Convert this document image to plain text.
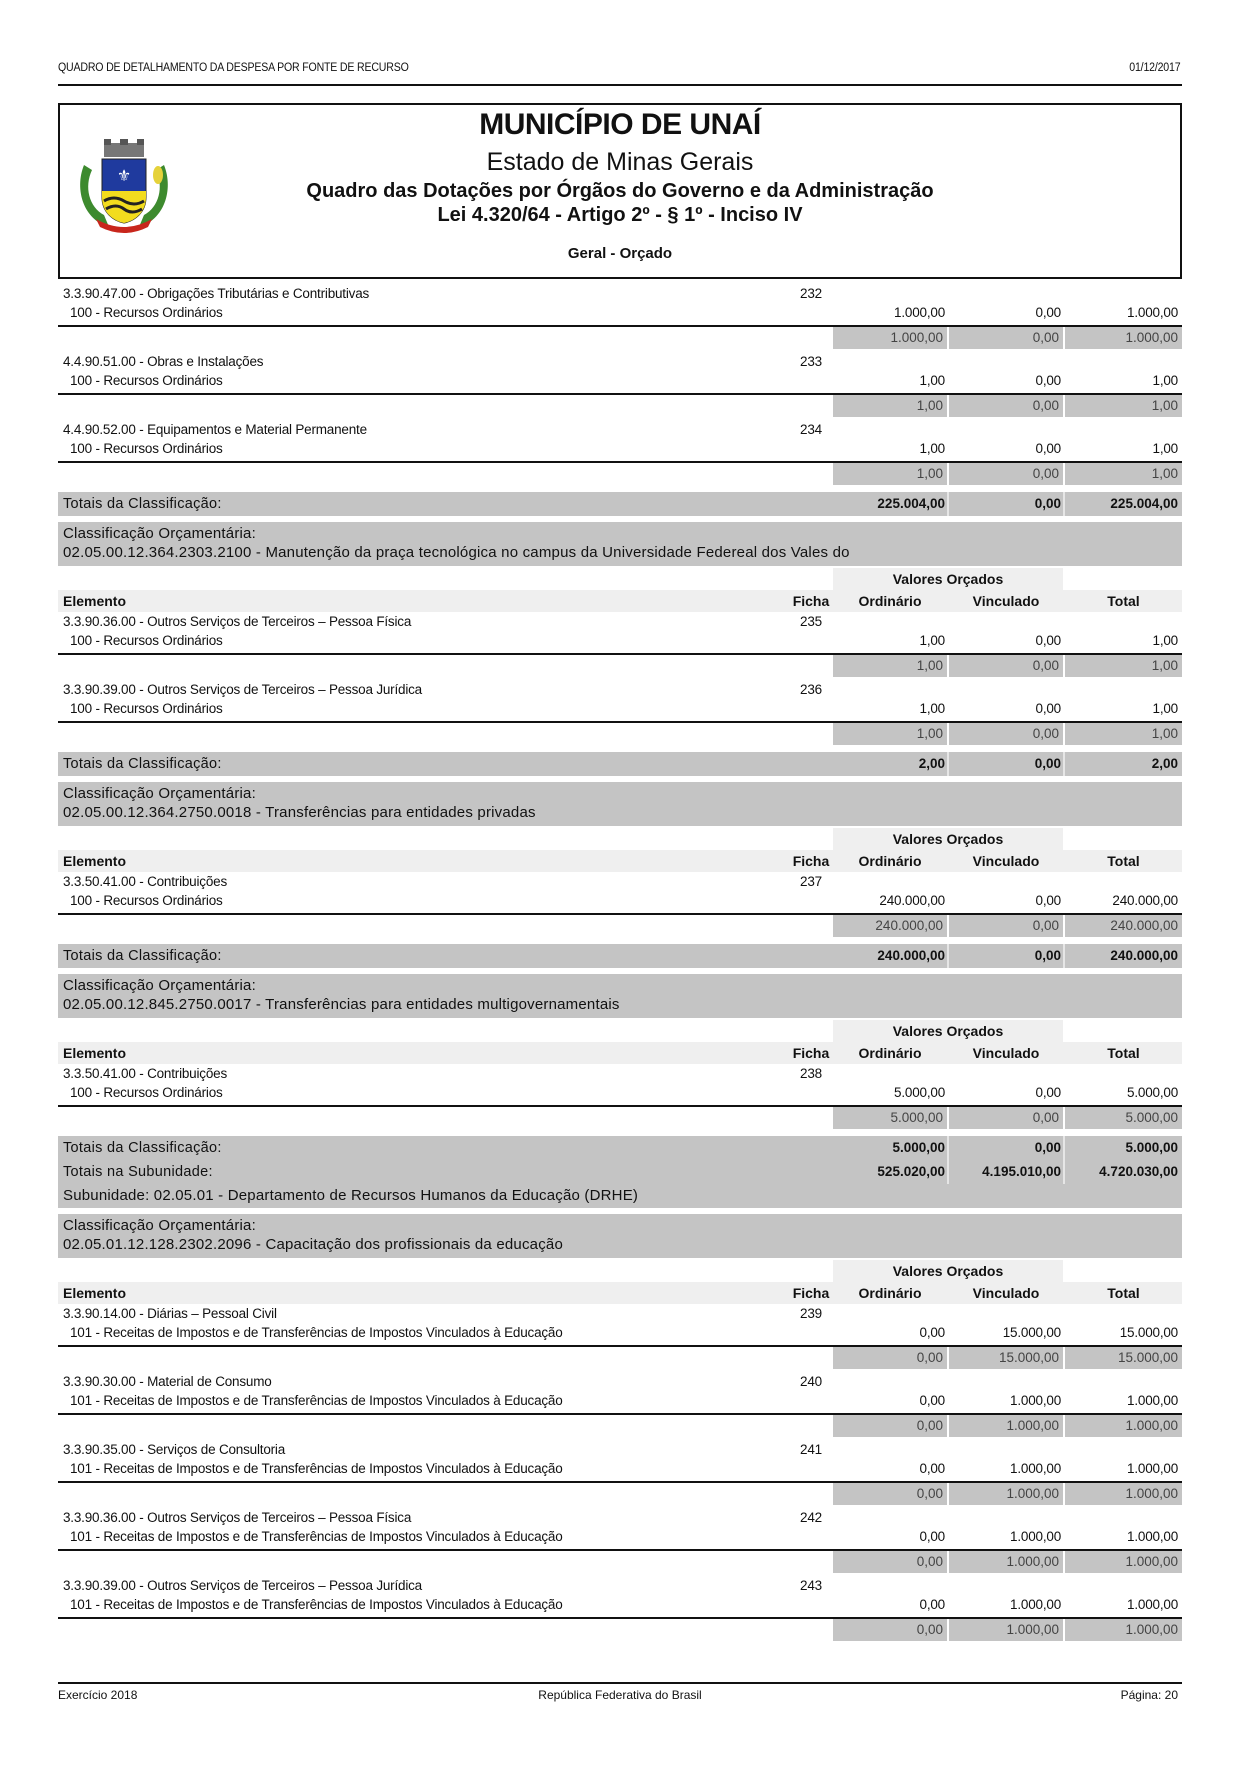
QUADRO DE DETALHAMENTO DA DESPESA POR FONTE DE RECURSO	01/12/2017
⚜
MUNICÍPIO DE UNAÍ
Estado de Minas Gerais
Quadro das Dotações por Órgãos do Governo e da Administração
Lei 4.320/64 - Artigo 2º - § 1º - Inciso IV
Geral - Orçado
3.3.90.47.00 - Obrigações Tributárias e Contributivas	232
100 - Recursos Ordinários	1.000,00	0,00	1.000,00
1.000,00	0,00	1.000,00
4.4.90.51.00 - Obras e Instalações	233
100 - Recursos Ordinários	1,00	0,00	1,00
1,00	0,00	1,00
4.4.90.52.00 - Equipamentos e Material Permanente	234
100 - Recursos Ordinários	1,00	0,00	1,00
1,00	0,00	1,00
Totais da Classificação:	225.004,00	0,00	225.004,00
Classificação Orçamentária:
02.05.00.12.364.2303.2100 - Manutenção da praça tecnológica no campus da Universidade Federeal dos Vales do
Valores Orçados
Elemento	Ficha	Ordinário	Vinculado	Total
3.3.90.36.00 - Outros Serviços de Terceiros – Pessoa Física	235
100 - Recursos Ordinários	1,00	0,00	1,00
1,00	0,00	1,00
3.3.90.39.00 - Outros Serviços de Terceiros – Pessoa Jurídica	236
100 - Recursos Ordinários	1,00	0,00	1,00
1,00	0,00	1,00
Totais da Classificação:	2,00	0,00	2,00
Classificação Orçamentária:
02.05.00.12.364.2750.0018 - Transferências para entidades privadas
Valores Orçados
Elemento	Ficha	Ordinário	Vinculado	Total
3.3.50.41.00 - Contribuições	237
100 - Recursos Ordinários	240.000,00	0,00	240.000,00
240.000,00	0,00	240.000,00
Totais da Classificação:	240.000,00	0,00	240.000,00
Classificação Orçamentária:
02.05.00.12.845.2750.0017 - Transferências para entidades multigovernamentais
Valores Orçados
Elemento	Ficha	Ordinário	Vinculado	Total
3.3.50.41.00 - Contribuições	238
100 - Recursos Ordinários	5.000,00	0,00	5.000,00
5.000,00	0,00	5.000,00
Totais da Classificação:	5.000,00	0,00	5.000,00
Totais na Subunidade:	525.020,00	4.195.010,00	4.720.030,00
Subunidade: 02.05.01 - Departamento de Recursos Humanos da Educação (DRHE)
Classificação Orçamentária:
02.05.01.12.128.2302.2096 - Capacitação dos profissionais da educação
Valores Orçados
Elemento	Ficha	Ordinário	Vinculado	Total
3.3.90.14.00 - Diárias – Pessoal Civil	239
101 - Receitas de Impostos e de Transferências de Impostos Vinculados à Educação	0,00	15.000,00	15.000,00
0,00	15.000,00	15.000,00
3.3.90.30.00 - Material de Consumo	240
101 - Receitas de Impostos e de Transferências de Impostos Vinculados à Educação	0,00	1.000,00	1.000,00
0,00	1.000,00	1.000,00
3.3.90.35.00 - Serviços de Consultoria	241
101 - Receitas de Impostos e de Transferências de Impostos Vinculados à Educação	0,00	1.000,00	1.000,00
0,00	1.000,00	1.000,00
3.3.90.36.00 - Outros Serviços de Terceiros – Pessoa Física	242
101 - Receitas de Impostos e de Transferências de Impostos Vinculados à Educação	0,00	1.000,00	1.000,00
0,00	1.000,00	1.000,00
3.3.90.39.00 - Outros Serviços de Terceiros – Pessoa Jurídica	243
101 - Receitas de Impostos e de Transferências de Impostos Vinculados à Educação	0,00	1.000,00	1.000,00
0,00	1.000,00	1.000,00
Exercício 2018	República Federativa do Brasil	Página: 20
